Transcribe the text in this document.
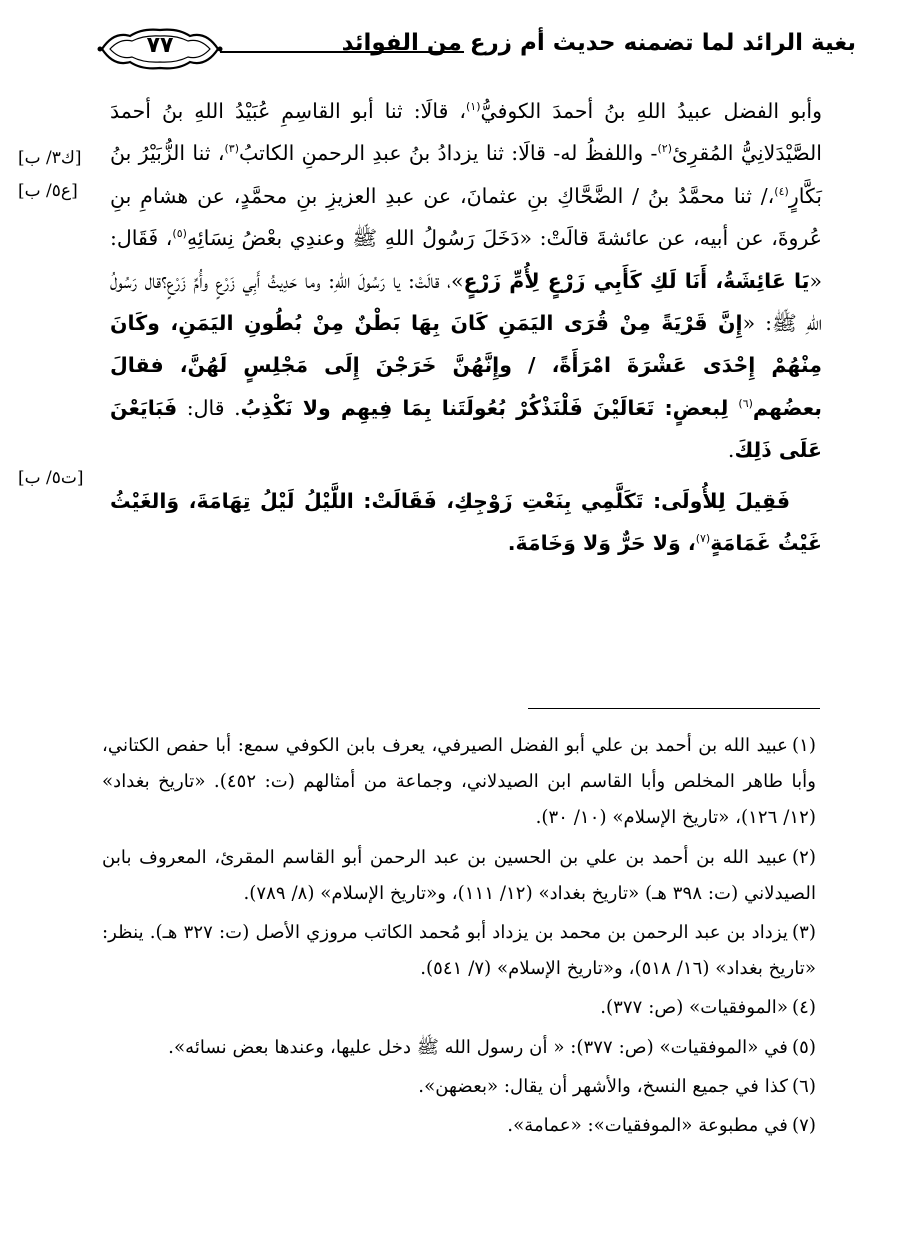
بغية الرائد لما تضمنه حديث أم زرع من الفوائد
٧٧
[ك٣/ ب]
[ع٥/ ب]
[ت٥/ ب]

وأبو الفضل عبيدُ اللهِ بنُ أحمدَ الكوفيُّ$^{(١)}$، قالَا: ثنا أبو القاسِمِ عُبَيْدُ اللهِ بنُ أحمدَ الصَّيْدَلانِيُّ المُقرِئ$^{(٢)}$- واللفظُ له- قالَا: ثنا يزدادُ بنُ عبدِ الرحمنِ الكاتبُ$^{(٣)}$، ثنا الزُّبَيْرُ بنُ بَكَّارٍ$^{(٤)}$،/ ثنا محمَّدُ بنُ / الضَّحَّاكِ بنِ عثمانَ، عن عبدِ العزيزِ بنِ محمَّدٍ، عن هشامِ بنِ عُروةَ، عن أبيه، عن عائشةَ قالَتْ: «دَخَلَ رَسُولُ اللهِ ﷺ وعندِي بعْضُ نِسَائِهِ$^{(٥)}$، فَقَال: «يَا عَائِشَةُ، أَنَا لَكِ كَأَبِي زَرْعٍ لِأُمِّ زَرْعٍ»، قالَتْ: يا رَسُولَ اللهِ: وما حَدِيثُ أَبِي زَرْعٍ وأُمِّ زَرْعٍ؟قال رَسُولُ اللهِ ﷺ: «إِنَّ قَرْيَةً مِنْ قُرَى اليَمَنِ كَانَ بِهَا بَطْنٌ مِنْ بُطُونِ اليَمَنِ، وكَانَ مِنْهُمْ إِحْدَى عَشْرَةَ امْرَأَةً، / وإِنَّهُنَّ خَرَجْنَ إِلَى مَجْلِسٍ لَهُنَّ، فقالَ بعضُهم$^{(٦)}$ لِبعضٍ: تَعَالَيْنَ فَلْنَذْكُرْ بُعُولَتَنا بِمَا فِيهِم ولا نَكْذِبُ. قال: فَبَايَعْنَ عَلَى ذَلِكَ.

فَقِيلَ لِلأُولَى: تَكَلَّمِي بِنَعْتِ زَوْجِكِ، فَقَالَتْ: اللَّيْلُ لَيْلُ تِهَامَةَ، وَالغَيْثُ غَيْثُ غَمَامَةٍ$^{(٧)}$، وَلا حَرٌّ وَلا وَخَامَةَ.

(١)عبيد الله بن أحمد بن علي أبو الفضل الصيرفي، يعرف بابن الكوفي سمع: أبا حفص الكتاني، وأبا طاهر المخلص وأبا القاسم ابن الصيدلاني، وجماعة من أمثالهم (ت: ٤٥٢). «تاريخ بغداد» (١٢/ ١٢٦)، «تاريخ الإسلام» (١٠/ ٣٠).

(٢)عبيد الله بن أحمد بن علي بن الحسين بن عبد الرحمن أبو القاسم المقرئ، المعروف بابن الصيدلاني (ت: ٣٩٨ هـ) «تاريخ بغداد» (١٢/ ١١١)، و«تاريخ الإسلام» (٨/ ٧٨٩).

(٣)يزداد بن عبد الرحمن بن محمد بن يزداد أبو مُحمد الكاتب مروزي الأصل (ت: ٣٢٧ هـ). ينظر: «تاريخ بغداد» (١٦/ ٥١٨)، و«تاريخ الإسلام» (٧/ ٥٤١).

(٤)«الموفقيات» (ص: ٣٧٧).

(٥)في «الموفقيات» (ص: ٣٧٧): « أن رسول الله ﷺ دخل عليها، وعندها بعض نسائه».

(٦)كذا في جميع النسخ، والأشهر أن يقال: «بعضهن».

(٧)في مطبوعة «الموفقيات»: «عمامة».
